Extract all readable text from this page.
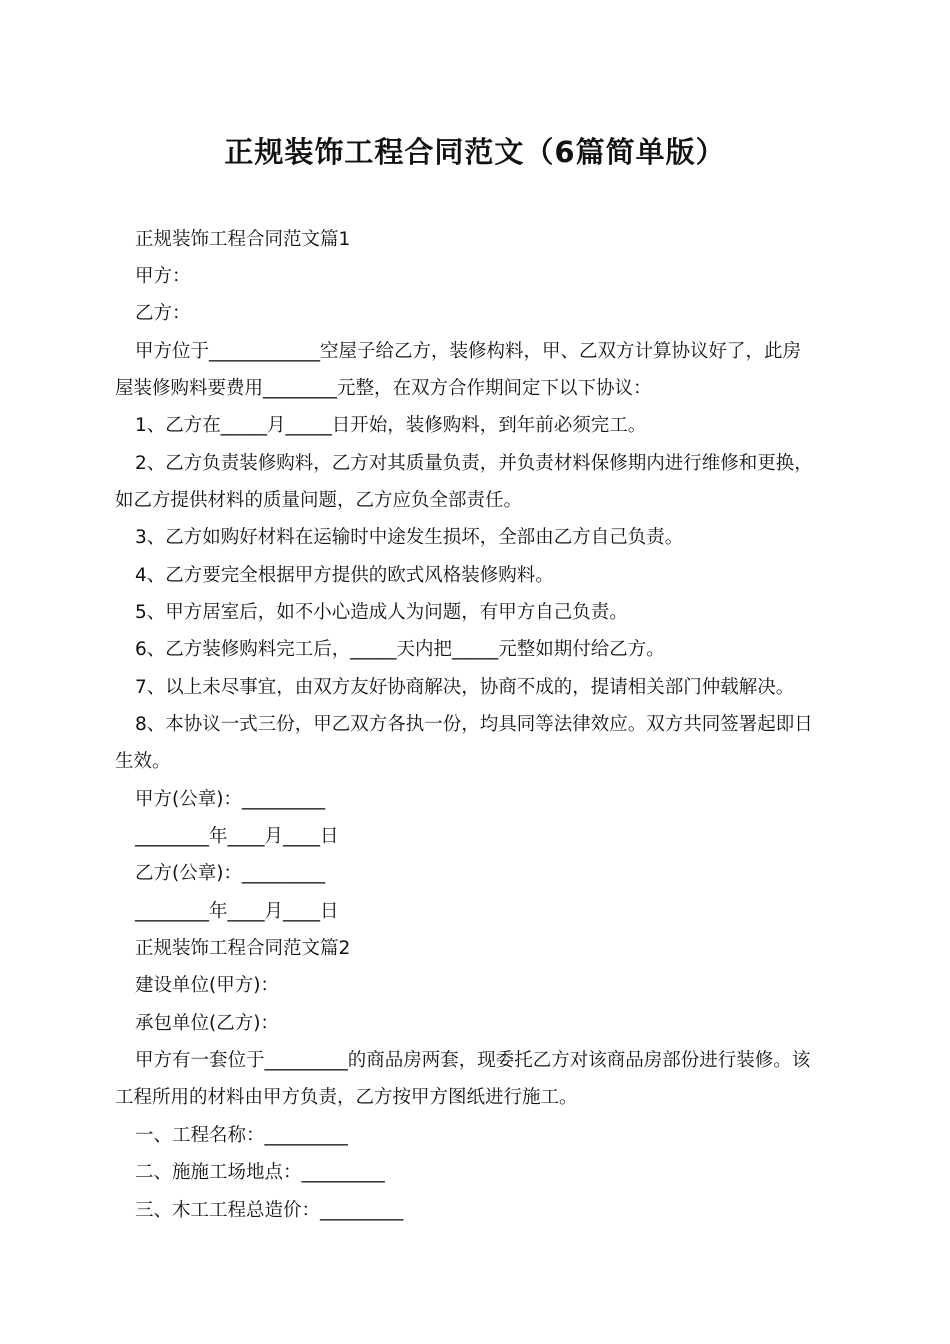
正规装饰工程合同范文（6篇简单版）
正规装饰工程合同范文篇1
甲方：
乙方：
甲方位于____________空屋子给乙方，装修构料，甲、乙双方计算协议好了，此房
屋装修购料要费用________元整，在双方合作期间定下以下协议：
1、乙方在_____月_____日开始，装修购料，到年前必须完工。
2、乙方负责装修购料，乙方对其质量负责，并负责材料保修期内进行维修和更换，
如乙方提供材料的质量问题，乙方应负全部责任。
3、乙方如购好材料在运输时中途发生损坏，全部由乙方自己负责。
4、乙方要完全根据甲方提供的欧式风格装修购料。
5、甲方居室后，如不小心造成人为问题，有甲方自己负责。
6、乙方装修购料完工后，_____天内把_____元整如期付给乙方。
7、以上未尽事宜，由双方友好协商解决，协商不成的，提请相关部门仲载解决。
8、本协议一式三份，甲乙双方各执一份，均具同等法律效应。双方共同签署起即日
生效。
甲方(公章)：_________
________年____月____日
乙方(公章)：_________
________年____月____日
正规装饰工程合同范文篇2
建设单位(甲方)：
承包单位(乙方)：
甲方有一套位于_________的商品房两套，现委托乙方对该商品房部份进行装修。该
工程所用的材料由甲方负责，乙方按甲方图纸进行施工。
一、工程名称：_________
二、施施工场地点：_________
三、木工工程总造价：_________
